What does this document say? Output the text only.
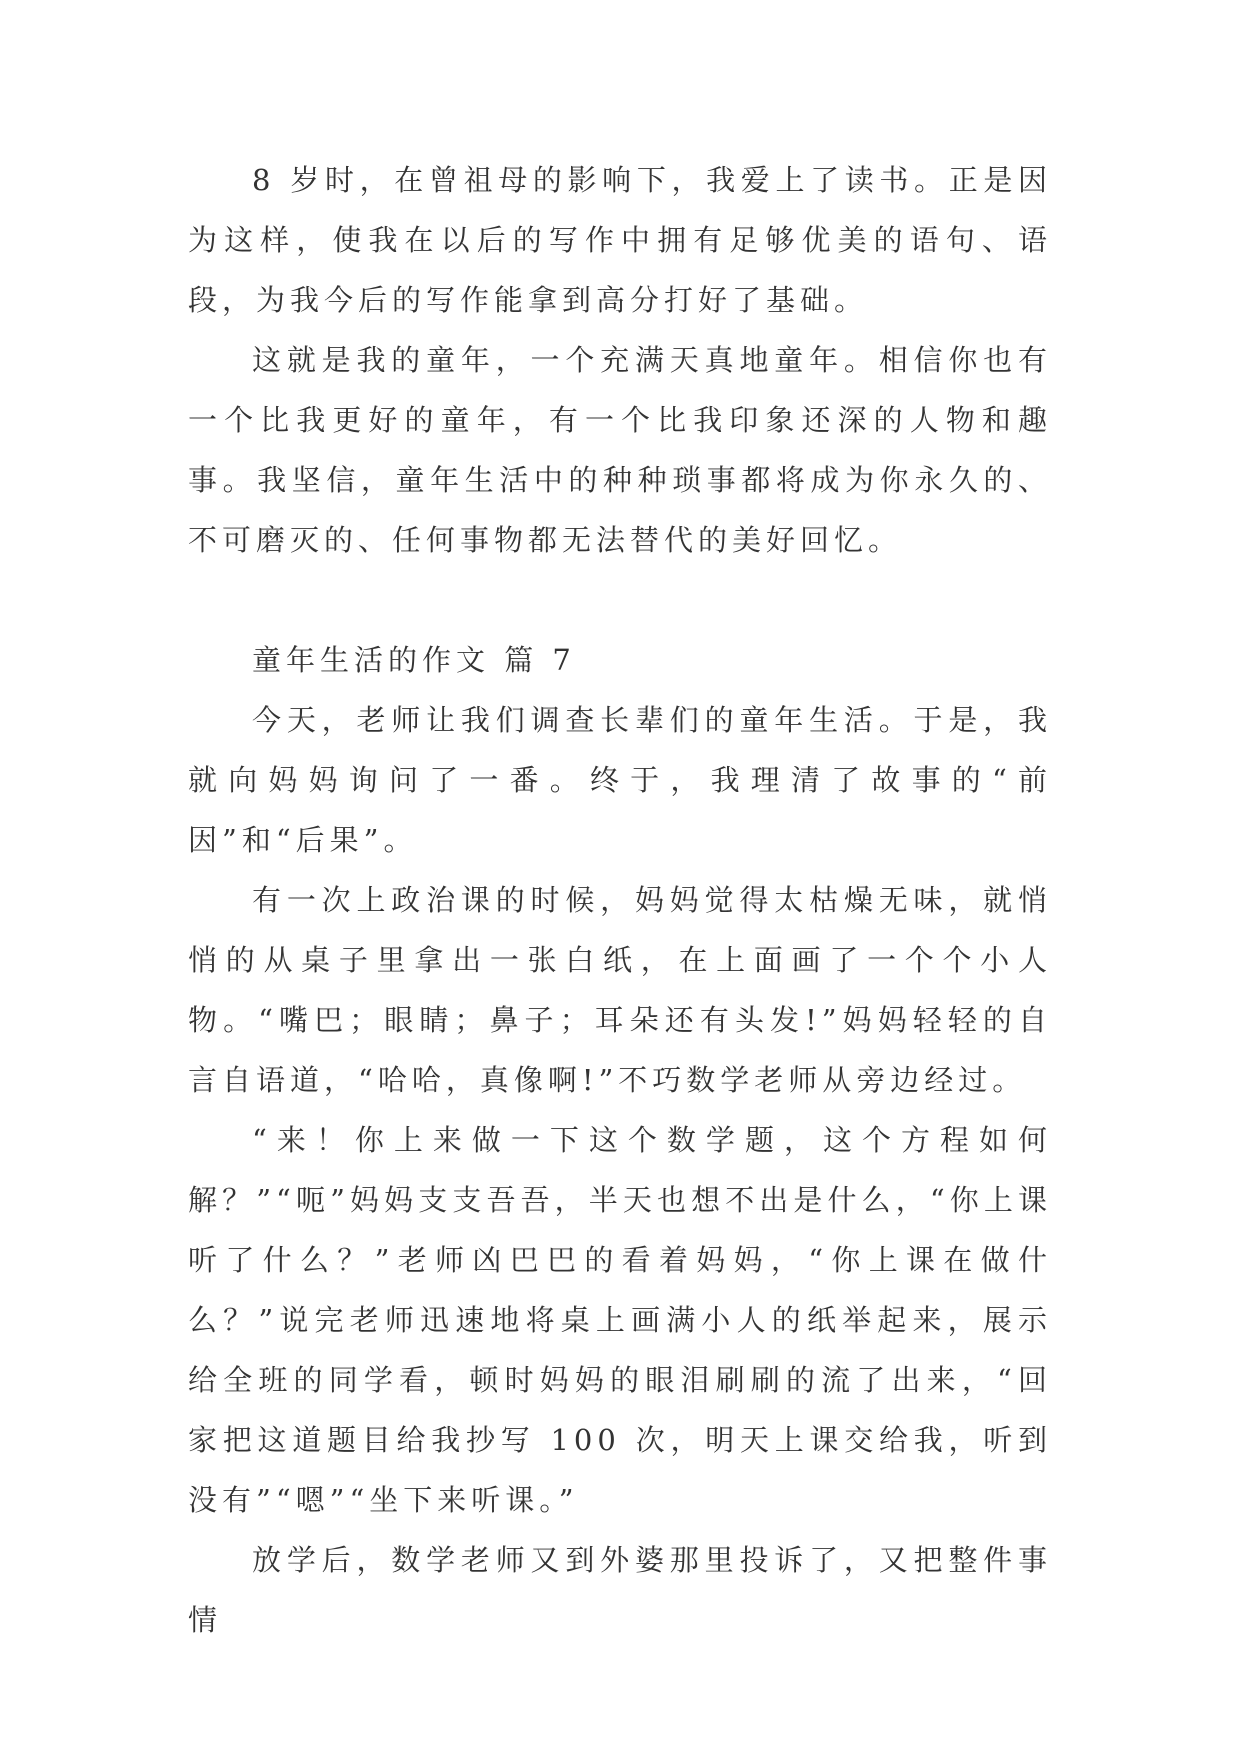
8 岁时，在曾祖母的影响下，我爱上了读书。正是因为这样，使我在以后的写作中拥有足够优美的语句、语段，为我今后的写作能拿到高分打好了基础。

这就是我的童年，一个充满天真地童年。相信你也有一个比我更好的童年，有一个比我印象还深的人物和趣事。我坚信，童年生活中的种种琐事都将成为你永久的、不可磨灭的、任何事物都无法替代的美好回忆。

童年生活的作文 篇 7

今天，老师让我们调查长辈们的童年生活。于是，我就向妈妈询问了一番。终于，我理清了故事的“前因”和“后果”。

有一次上政治课的时候，妈妈觉得太枯燥无味，就悄悄的从桌子里拿出一张白纸，在上面画了一个个小人物。“嘴巴；眼睛；鼻子；耳朵还有头发!”妈妈轻轻的自言自语道，“哈哈，真像啊!”不巧数学老师从旁边经过。

“来！你上来做一下这个数学题，这个方程如何解？”“呃”妈妈支支吾吾，半天也想不出是什么，“你上课听了什么？”老师凶巴巴的看着妈妈，“你上课在做什么？”说完老师迅速地将桌上画满小人的纸举起来，展示给全班的同学看，顿时妈妈的眼泪刷刷的流了出来，“回家把这道题目给我抄写 100 次，明天上课交给我，听到没有”“嗯”“坐下来听课。”

放学后，数学老师又到外婆那里投诉了，又把整件事情
